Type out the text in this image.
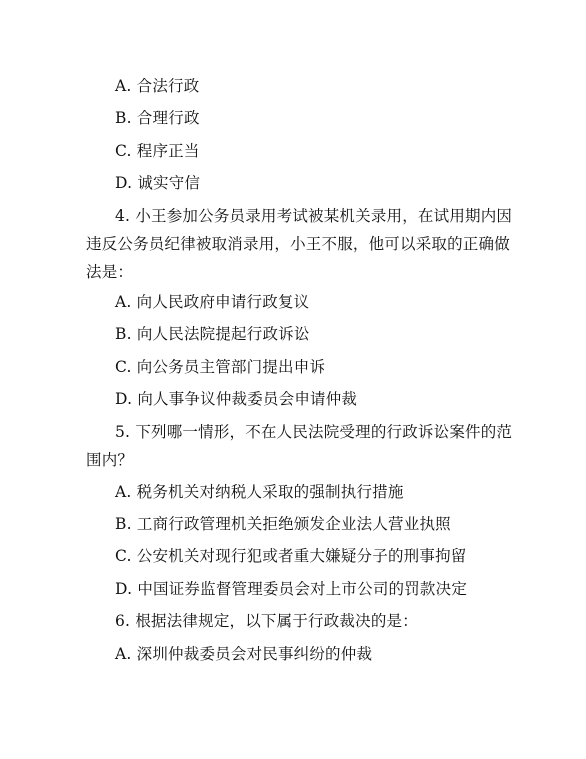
A. 合法行政
B. 合理行政
C. 程序正当
D. 诚实守信
4. 小王参加公务员录用考试被某机关录用，在试用期内因
违反公务员纪律被取消录用，小王不服，他可以采取的正确做
法是：
A. 向人民政府申请行政复议
B. 向人民法院提起行政诉讼
C. 向公务员主管部门提出申诉
D. 向人事争议仲裁委员会申请仲裁
5. 下列哪一情形，不在人民法院受理的行政诉讼案件的范
围内？
A. 税务机关对纳税人采取的强制执行措施
B. 工商行政管理机关拒绝颁发企业法人营业执照
C. 公安机关对现行犯或者重大嫌疑分子的刑事拘留
D. 中国证券监督管理委员会对上市公司的罚款决定
6. 根据法律规定，以下属于行政裁决的是：
A. 深圳仲裁委员会对民事纠纷的仲裁
